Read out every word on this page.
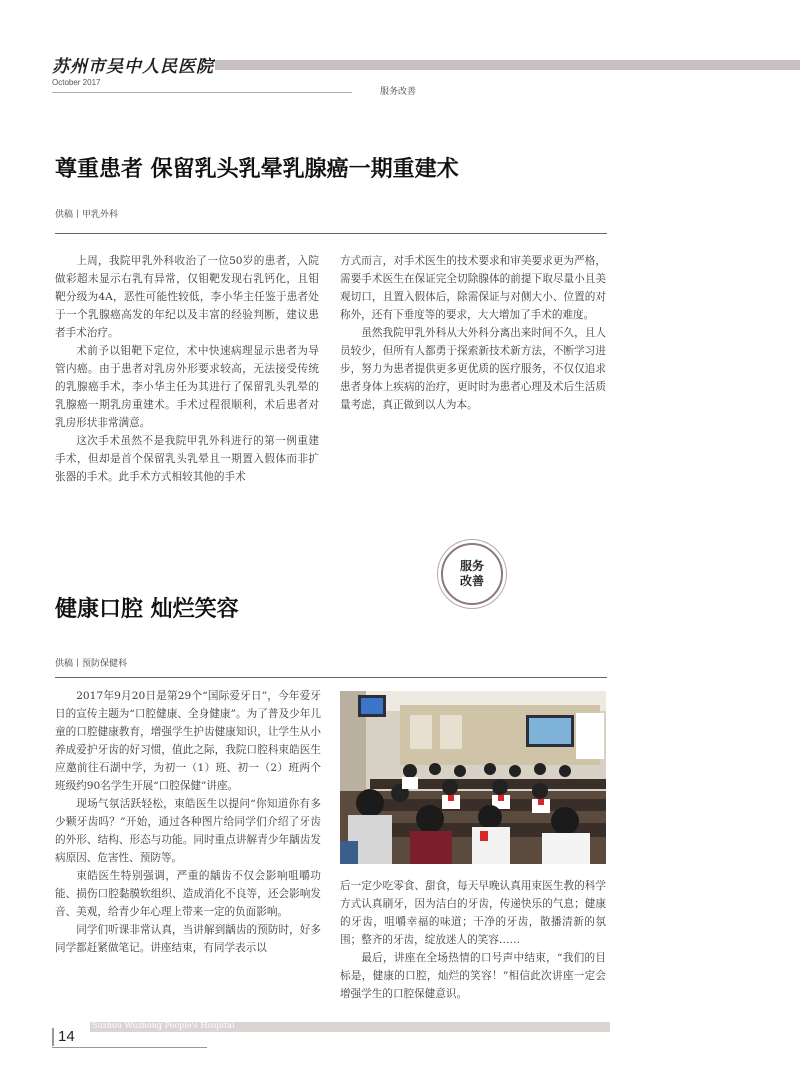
苏州市吴中人民医院
October 2017
服务改善
尊重患者 保留乳头乳晕乳腺癌一期重建术
供稿丨甲乳外科

上周，我院甲乳外科收治了一位50岁的患者，入院做彩超未显示右乳有异常，仅钼靶发现右乳钙化，且钼靶分级为4A，恶性可能性较低，李小华主任鉴于患者处于一个乳腺癌高发的年纪以及丰富的经验判断，建议患者手术治疗。

术前予以钼靶下定位，术中快速病理显示患者为导管内癌。由于患者对乳房外形要求较高，无法接受传统的乳腺癌手术，李小华主任为其进行了保留乳头乳晕的乳腺癌一期乳房重建术。手术过程很顺利，术后患者对乳房形状非常满意。

这次手术虽然不是我院甲乳外科进行的第一例重建手术，但却是首个保留乳头乳晕且一期置入假体而非扩张器的手术。此手术方式相较其他的手术

方式而言，对手术医生的技术要求和审美要求更为严格，需要手术医生在保证完全切除腺体的前提下取尽量小且美观切口，且置入假体后，除需保证与对侧大小、位置的对称外，还有下垂度等的要求，大大增加了手术的难度。

虽然我院甲乳外科从大外科分离出来时间不久，且人员较少，但所有人都勇于探索新技术新方法，不断学习进步，努力为患者提供更多更优质的医疗服务，不仅仅追求患者身体上疾病的治疗，更时时为患者心理及术后生活质量考虑，真正做到以人为本。

服务
改善
健康口腔 灿烂笑容
供稿丨预防保健科

2017年9月20日是第29个“国际爱牙日”，今年爱牙日的宣传主题为“口腔健康、全身健康”。为了普及少年儿童的口腔健康教育，增强学生护齿健康知识，让学生从小养成爱护牙齿的好习惯，值此之际，我院口腔科束皓医生应邀前往石湖中学，为初一（1）班、初一（2）班两个班级约90名学生开展“口腔保健”讲座。

现场气氛活跃轻松，束皓医生以提问“你知道你有多少颗牙齿吗？”开始，通过各种图片给同学们介绍了牙齿的外形、结构、形态与功能。同时重点讲解青少年龋齿发病原因、危害性、预防等。

束皓医生特别强调，严重的龋齿不仅会影响咀嚼功能、损伤口腔黏膜软组织、造成消化不良等，还会影响发音、美观，给青少年心理上带来一定的负面影响。

同学们听课非常认真，当讲解到龋齿的预防时，好多同学都赶紧做笔记。讲座结束，有同学表示以

后一定少吃零食、甜食，每天早晚认真用束医生教的科学方式认真刷牙，因为洁白的牙齿，传递快乐的气息；健康的牙齿，咀嚼幸福的味道；干净的牙齿，散播清新的氛围；整齐的牙齿，绽放迷人的笑容……

最后，讲座在全场热情的口号声中结束，“我们的目标是，健康的口腔，灿烂的笑容！”相信此次讲座一定会增强学生的口腔保健意识。

Suzhou Wuzhong People's Hospital
14
